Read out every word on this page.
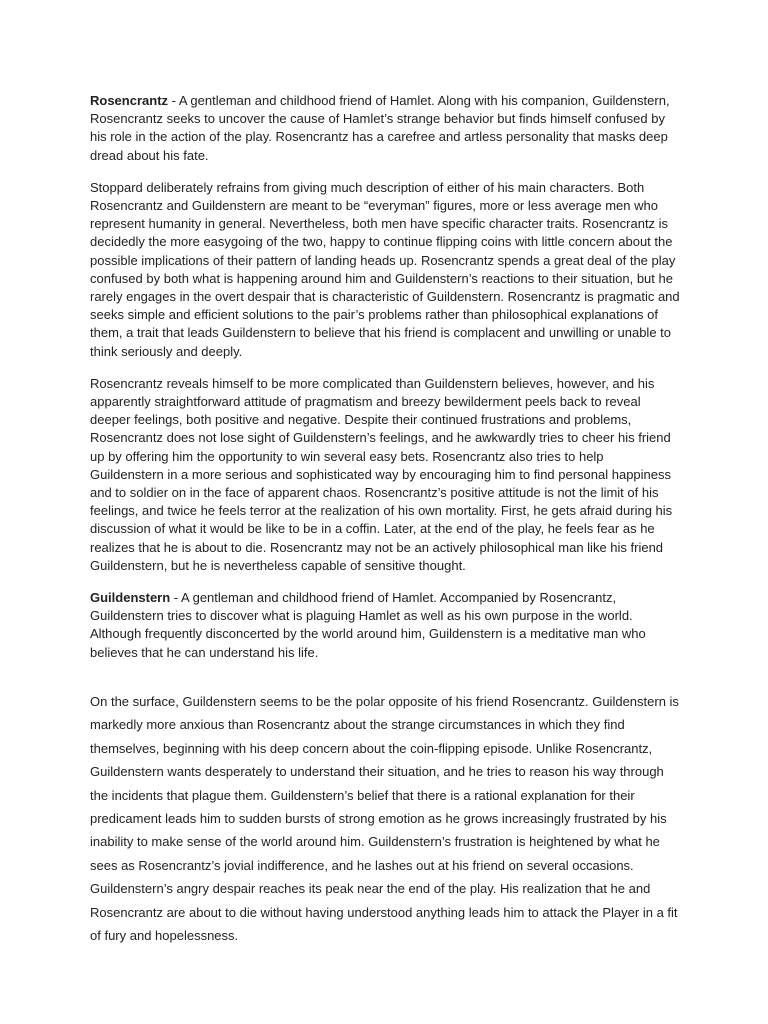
Rosencrantz - A gentleman and childhood friend of Hamlet. Along with his companion, Guildenstern, Rosencrantz seeks to uncover the cause of Hamlet’s strange behavior but finds himself confused by his role in the action of the play. Rosencrantz has a carefree and artless personality that masks deep dread about his fate.

Stoppard deliberately refrains from giving much description of either of his main characters. Both Rosencrantz and Guildenstern are meant to be “everyman” figures, more or less average men who represent humanity in general. Nevertheless, both men have specific character traits. Rosencrantz is decidedly the more easygoing of the two, happy to continue flipping coins with little concern about the possible implications of their pattern of landing heads up. Rosencrantz spends a great deal of the play confused by both what is happening around him and Guildenstern’s reactions to their situation, but he rarely engages in the overt despair that is characteristic of Guildenstern. Rosencrantz is pragmatic and seeks simple and efficient solutions to the pair’s problems rather than philosophical explanations of them, a trait that leads Guildenstern to believe that his friend is complacent and unwilling or unable to think seriously and deeply.

Rosencrantz reveals himself to be more complicated than Guildenstern believes, however, and his apparently straightforward attitude of pragmatism and breezy bewilderment peels back to reveal deeper feelings, both positive and negative. Despite their continued frustrations and problems, Rosencrantz does not lose sight of Guildenstern’s feelings, and he awkwardly tries to cheer his friend up by offering him the opportunity to win several easy bets. Rosencrantz also tries to help Guildenstern in a more serious and sophisticated way by encouraging him to find personal happiness and to soldier on in the face of apparent chaos. Rosencrantz’s positive attitude is not the limit of his feelings, and twice he feels terror at the realization of his own mortality. First, he gets afraid during his discussion of what it would be like to be in a coffin. Later, at the end of the play, he feels fear as he realizes that he is about to die. Rosencrantz may not be an actively philosophical man like his friend Guildenstern, but he is nevertheless capable of sensitive thought.

Guildenstern - A gentleman and childhood friend of Hamlet. Accompanied by Rosencrantz, Guildenstern tries to discover what is plaguing Hamlet as well as his own purpose in the world. Although frequently disconcerted by the world around him, Guildenstern is a meditative man who believes that he can understand his life.

On the surface, Guildenstern seems to be the polar opposite of his friend Rosencrantz. Guildenstern is markedly more anxious than Rosencrantz about the strange circumstances in which they find themselves, beginning with his deep concern about the coin-flipping episode. Unlike Rosencrantz, Guildenstern wants desperately to understand their situation, and he tries to reason his way through the incidents that plague them. Guildenstern’s belief that there is a rational explanation for their predicament leads him to sudden bursts of strong emotion as he grows increasingly frustrated by his inability to make sense of the world around him. Guildenstern’s frustration is heightened by what he sees as Rosencrantz’s jovial indifference, and he lashes out at his friend on several occasions. Guildenstern’s angry despair reaches its peak near the end of the play. His realization that he and Rosencrantz are about to die without having understood anything leads him to attack the Player in a fit of fury and hopelessness.
